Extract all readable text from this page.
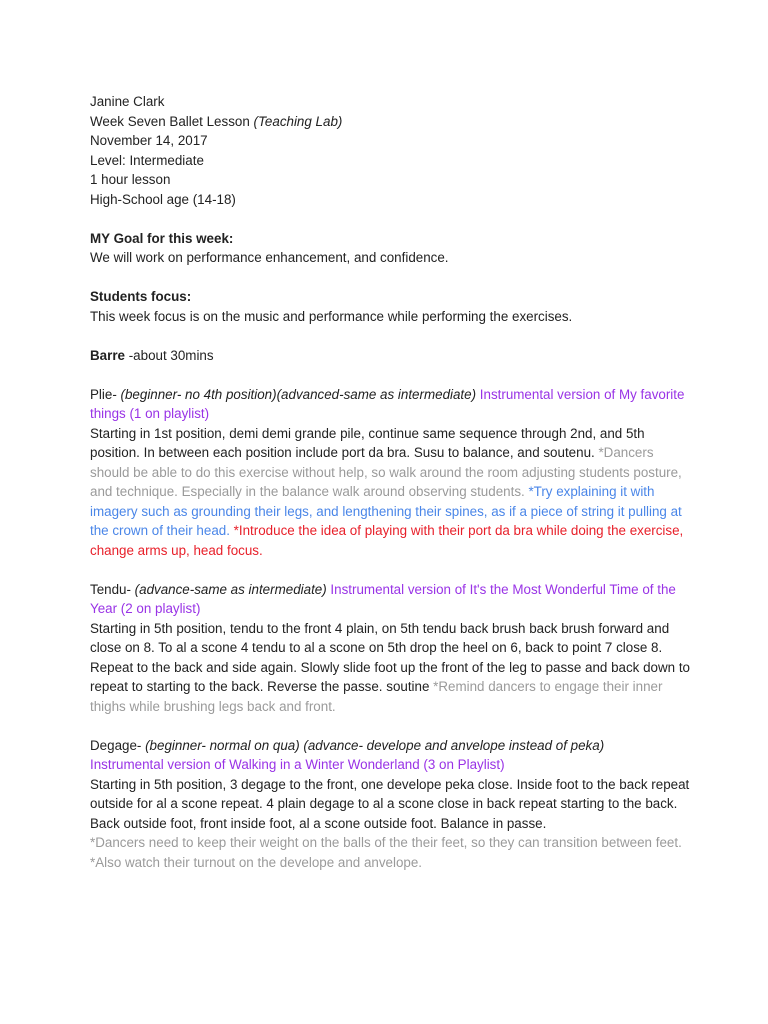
Janine Clark
Week Seven Ballet Lesson (Teaching Lab)
November 14, 2017
Level: Intermediate
1 hour lesson
High-School age (14-18)
MY Goal for this week:
We will work on performance enhancement, and confidence.
Students focus:
This week focus is on the music and performance while performing the exercises.
Barre -about 30mins

Plie- (beginner- no 4th position)(advanced-same as intermediate) Instrumental version of My favorite things (1 on playlist)

Starting in 1st position, demi demi grande pile, continue same sequence through 2nd, and 5th position. In between each position include port da bra. Susu to balance, and soutenu. *Dancers should be able to do this exercise without help, so walk around the room adjusting students posture, and technique. Especially in the balance walk around observing students. *Try explaining it with imagery such as grounding their legs, and lengthening their spines, as if a piece of string it pulling at the crown of their head. *Introduce the idea of playing with their port da bra while doing the exercise, change arms up, head focus.

Tendu- (advance-same as intermediate) Instrumental version of It's the Most Wonderful Time of the Year (2 on playlist)

Starting in 5th position, tendu to the front 4 plain, on 5th tendu back brush back brush forward and close on 8. To al a scone 4 tendu to al a scone on 5th drop the heel on 6, back to point 7 close 8. Repeat to the back and side again. Slowly slide foot up the front of the leg to passe and back down to repeat to starting to the back. Reverse the passe. soutine *Remind dancers to engage their inner thighs while brushing legs back and front.

Degage- (beginner- normal on qua) (advance- develope and anvelope instead of peka)

Instrumental version of Walking in a Winter Wonderland (3 on Playlist)

Starting in 5th position, 3 degage to the front, one develope peka close. Inside foot to the back repeat outside for al a scone repeat. 4 plain degage to al a scone close in back repeat starting to the back. Back outside foot, front inside foot, al a scone outside foot. Balance in passe.

*Dancers need to keep their weight on the balls of the their feet, so they can transition between feet. *Also watch their turnout on the develope and anvelope.
